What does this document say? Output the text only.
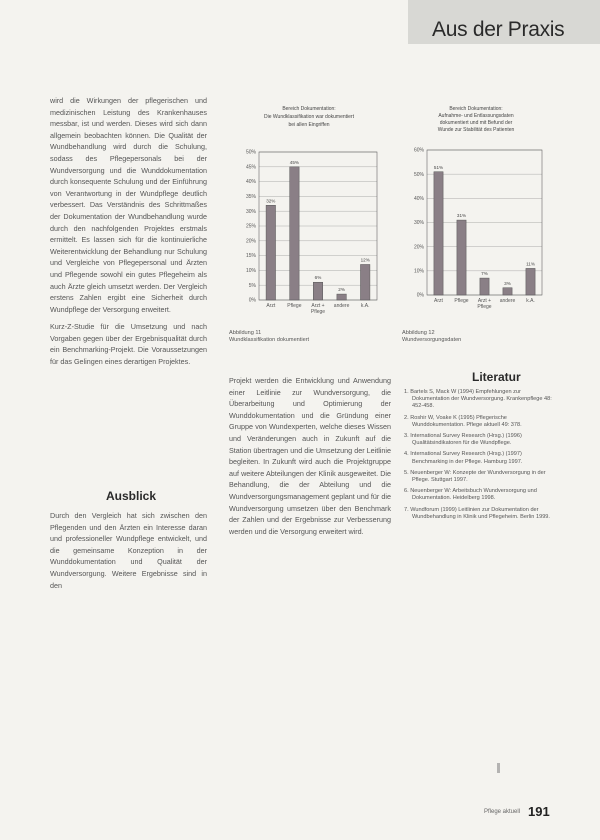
Aus der Praxis

wird die Wirkungen der pflegerischen und medizinischen Leistung des Krankenhauses messbar, ist und werden. Dieses wird sich dann allgemein beobachten können. Die Qualität der Wundbehandlung wird durch die Schulung, sodass des Pflegepersonals bei der Wundversorgung und die Wunddokumentation durch konsequente Schulung und der Einführung von Verantwortung in der Wundpflege deutlich verbessert. Das Verständnis des Schrittmaßes der Dokumentation der Wundbehandlung wurde durch den nachfolgenden Projektes erstmals ermittelt. Es lassen sich für die kontinuierliche Weiterentwicklung der Behandlung nur Schulung und Vergleiche von Pflegepersonal und Ärzten und Pflegende sowohl ein gutes Pflegeheim als auch Ärzte gleich umsetzt werden. Der Vergleich erstens Zahlen ergibt eine Sicherheit durch Wundpflege der Versorgung erweitert.

Kurz-Z-Studie für die Umsetzung und nach Vorgaben gegen über der Ergebnisqualität durch ein Benchmarking-Projekt. Die Voraussetzungen für das Gelingen eines derartigen Projektes.

Ausblick

Durch den Vergleich hat sich zwischen den Pflegenden und den Ärzten ein Interesse daran und professioneller Wundpflege entwickelt, und die gemeinsame Konzeption in der Wunddokumentation und Qualität der Wundversorgung. Weitere Ergebnisse sind in den

Bereich Dokumentation:
Die Wundklassifikation war dokumentiert
bei allen Eingriffen
0%
5%
10%
15%
20%
25%
30%
35%
40%
45%
50%
32%
Arzt
45%
Pflege
6%
Arzt +
Pflege
2%
andere
12%
k.A.
Bereich Dokumentation:
Aufnahme- und Entlassungsdaten
dokumentiert und mit Befund der
Wunde zur Stabilität des Patienten
0%
10%
20%
30%
40%
50%
60%
51%
Arzt
31%
Pflege
7%
Arzt +
Pflege
3%
andere
11%
k.A.
Abbildung 11
Wundklassifikation dokumentiert
Abbildung 12
Wundversorgungsdaten

Projekt werden die Entwicklung und Anwendung einer Leitlinie zur Wundversorgung, die Überarbeitung und Optimierung der Wunddokumentation und die Gründung einer Gruppe von Wundexperten, welche dieses Wissen und Veränderungen auch in Zukunft auf die Station übertragen und die Umsetzung der Leitlinie begleiten. In Zukunft wird auch die Projektgruppe auf weitere Abteilungen der Klinik ausgeweitet. Die Behandlung, die der Abteilung und die Wundversorgungsmanagement geplant und für die Wundversorgung umsetzen über den Benchmark der Zahlen und der Ergebnisse zur Verbesserung werden und die Versorgung erweitert wird.

Literatur
1. Bartels S, Mack W (1994) Empfehlungen zur Dokumentation der Wundversorgung. Krankenpflege 48: 452-458.
2. Roshir W, Voake K (1995) Pflegerische Wunddokumentation. Pflege aktuell 49: 378.
3. International Survey Research (Hrsg.) (1996) Qualitätsindikatoren für die Wundpflege.
4. International Survey Research (Hrsg.) (1997) Benchmarking in der Pflege. Hamburg 1997.
5. Neuenberger W: Konzepte der Wundversorgung in der Pflege. Stuttgart 1997.
6. Neuenberger W: Arbeitsbuch Wundversorgung und Dokumentation. Heidelberg 1998.
7. Wundforum (1999) Leitlinien zur Dokumentation der Wundbehandlung in Klinik und Pflegeheim. Berlin 1999.
Pflege aktuell 191
